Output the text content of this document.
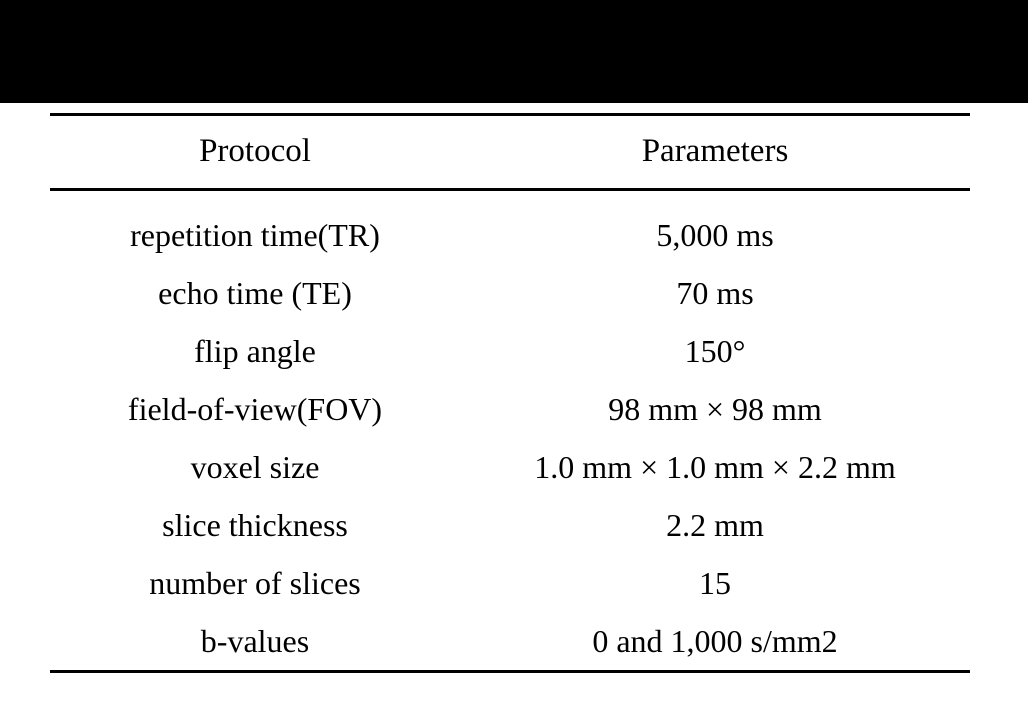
Protocol	Parameters

repetition time(TR)	5,000 ms
echo time (TE)	70 ms
flip angle	150°
field-of-view(FOV)	98 mm × 98 mm
voxel size	1.0 mm × 1.0 mm × 2.2 mm
slice thickness	2.2 mm
number of slices	15
b-values	0 and 1,000 s/mm2
